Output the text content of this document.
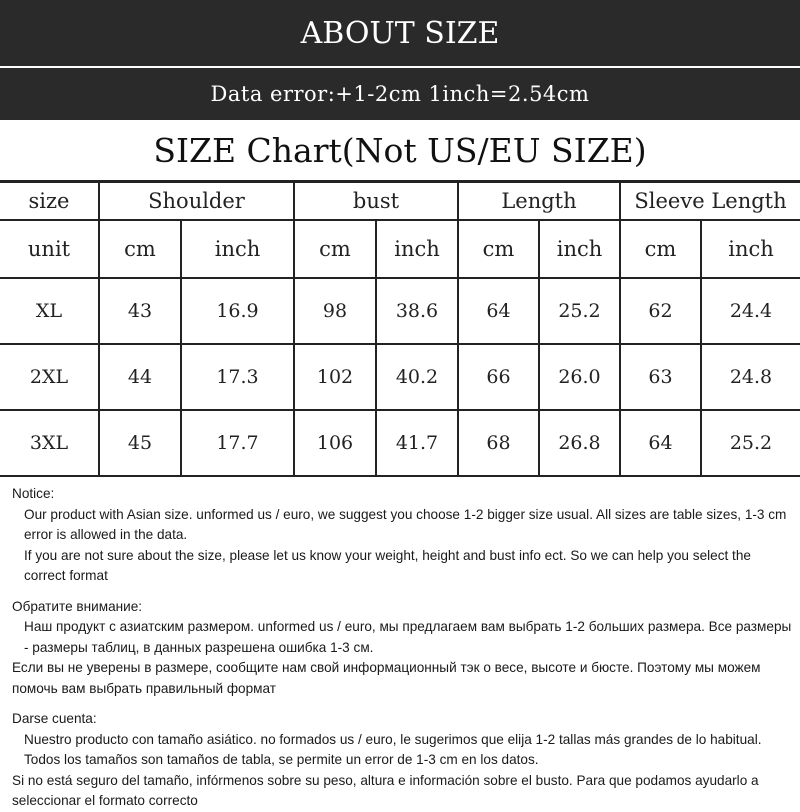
ABOUT SIZE
Data error:+1-2cm 1inch=2.54cm
SIZE Chart(Not US/EU SIZE)
size	Shoulder		bust		Length		Sleeve Length	
unit	cm	inch	cm	inch	cm	inch	cm	inch
XL	43	16.9	98	38.6	64	25.2	62	24.4
2XL	44	17.3	102	40.2	66	26.0	63	24.8
3XL	45	17.7	106	41.7	68	26.8	64	25.2

Notice:

Our product with Asian size. unformed us / euro, we suggest you choose 1-2 bigger size usual. All sizes are table sizes, 1-3 cm error is allowed in the data.

If you are not sure about the size, please let us know your weight, height and bust info ect. So we can help you select the correct format

Обратите внимание:

Наш продукт с азиатским размером. unformed us / euro, мы предлагаем вам выбрать 1-2 больших размера. Все размеры - размеры таблиц, в данных разрешена ошибка 1-3 см.

Если вы не уверены в размере, сообщите нам свой информационный тэк о весе, высоте и бюсте. Поэтому мы можем помочь вам выбрать правильный формат

Darse cuenta:

Nuestro producto con tamaño asiático. no formados us / euro, le sugerimos que elija 1-2 tallas más grandes de lo habitual. Todos los tamaños son tamaños de tabla, se permite un error de 1-3 cm en los datos.

Si no está seguro del tamaño, infórmenos sobre su peso, altura e información sobre el busto. Para que podamos ayudarlo a seleccionar el formato correcto
